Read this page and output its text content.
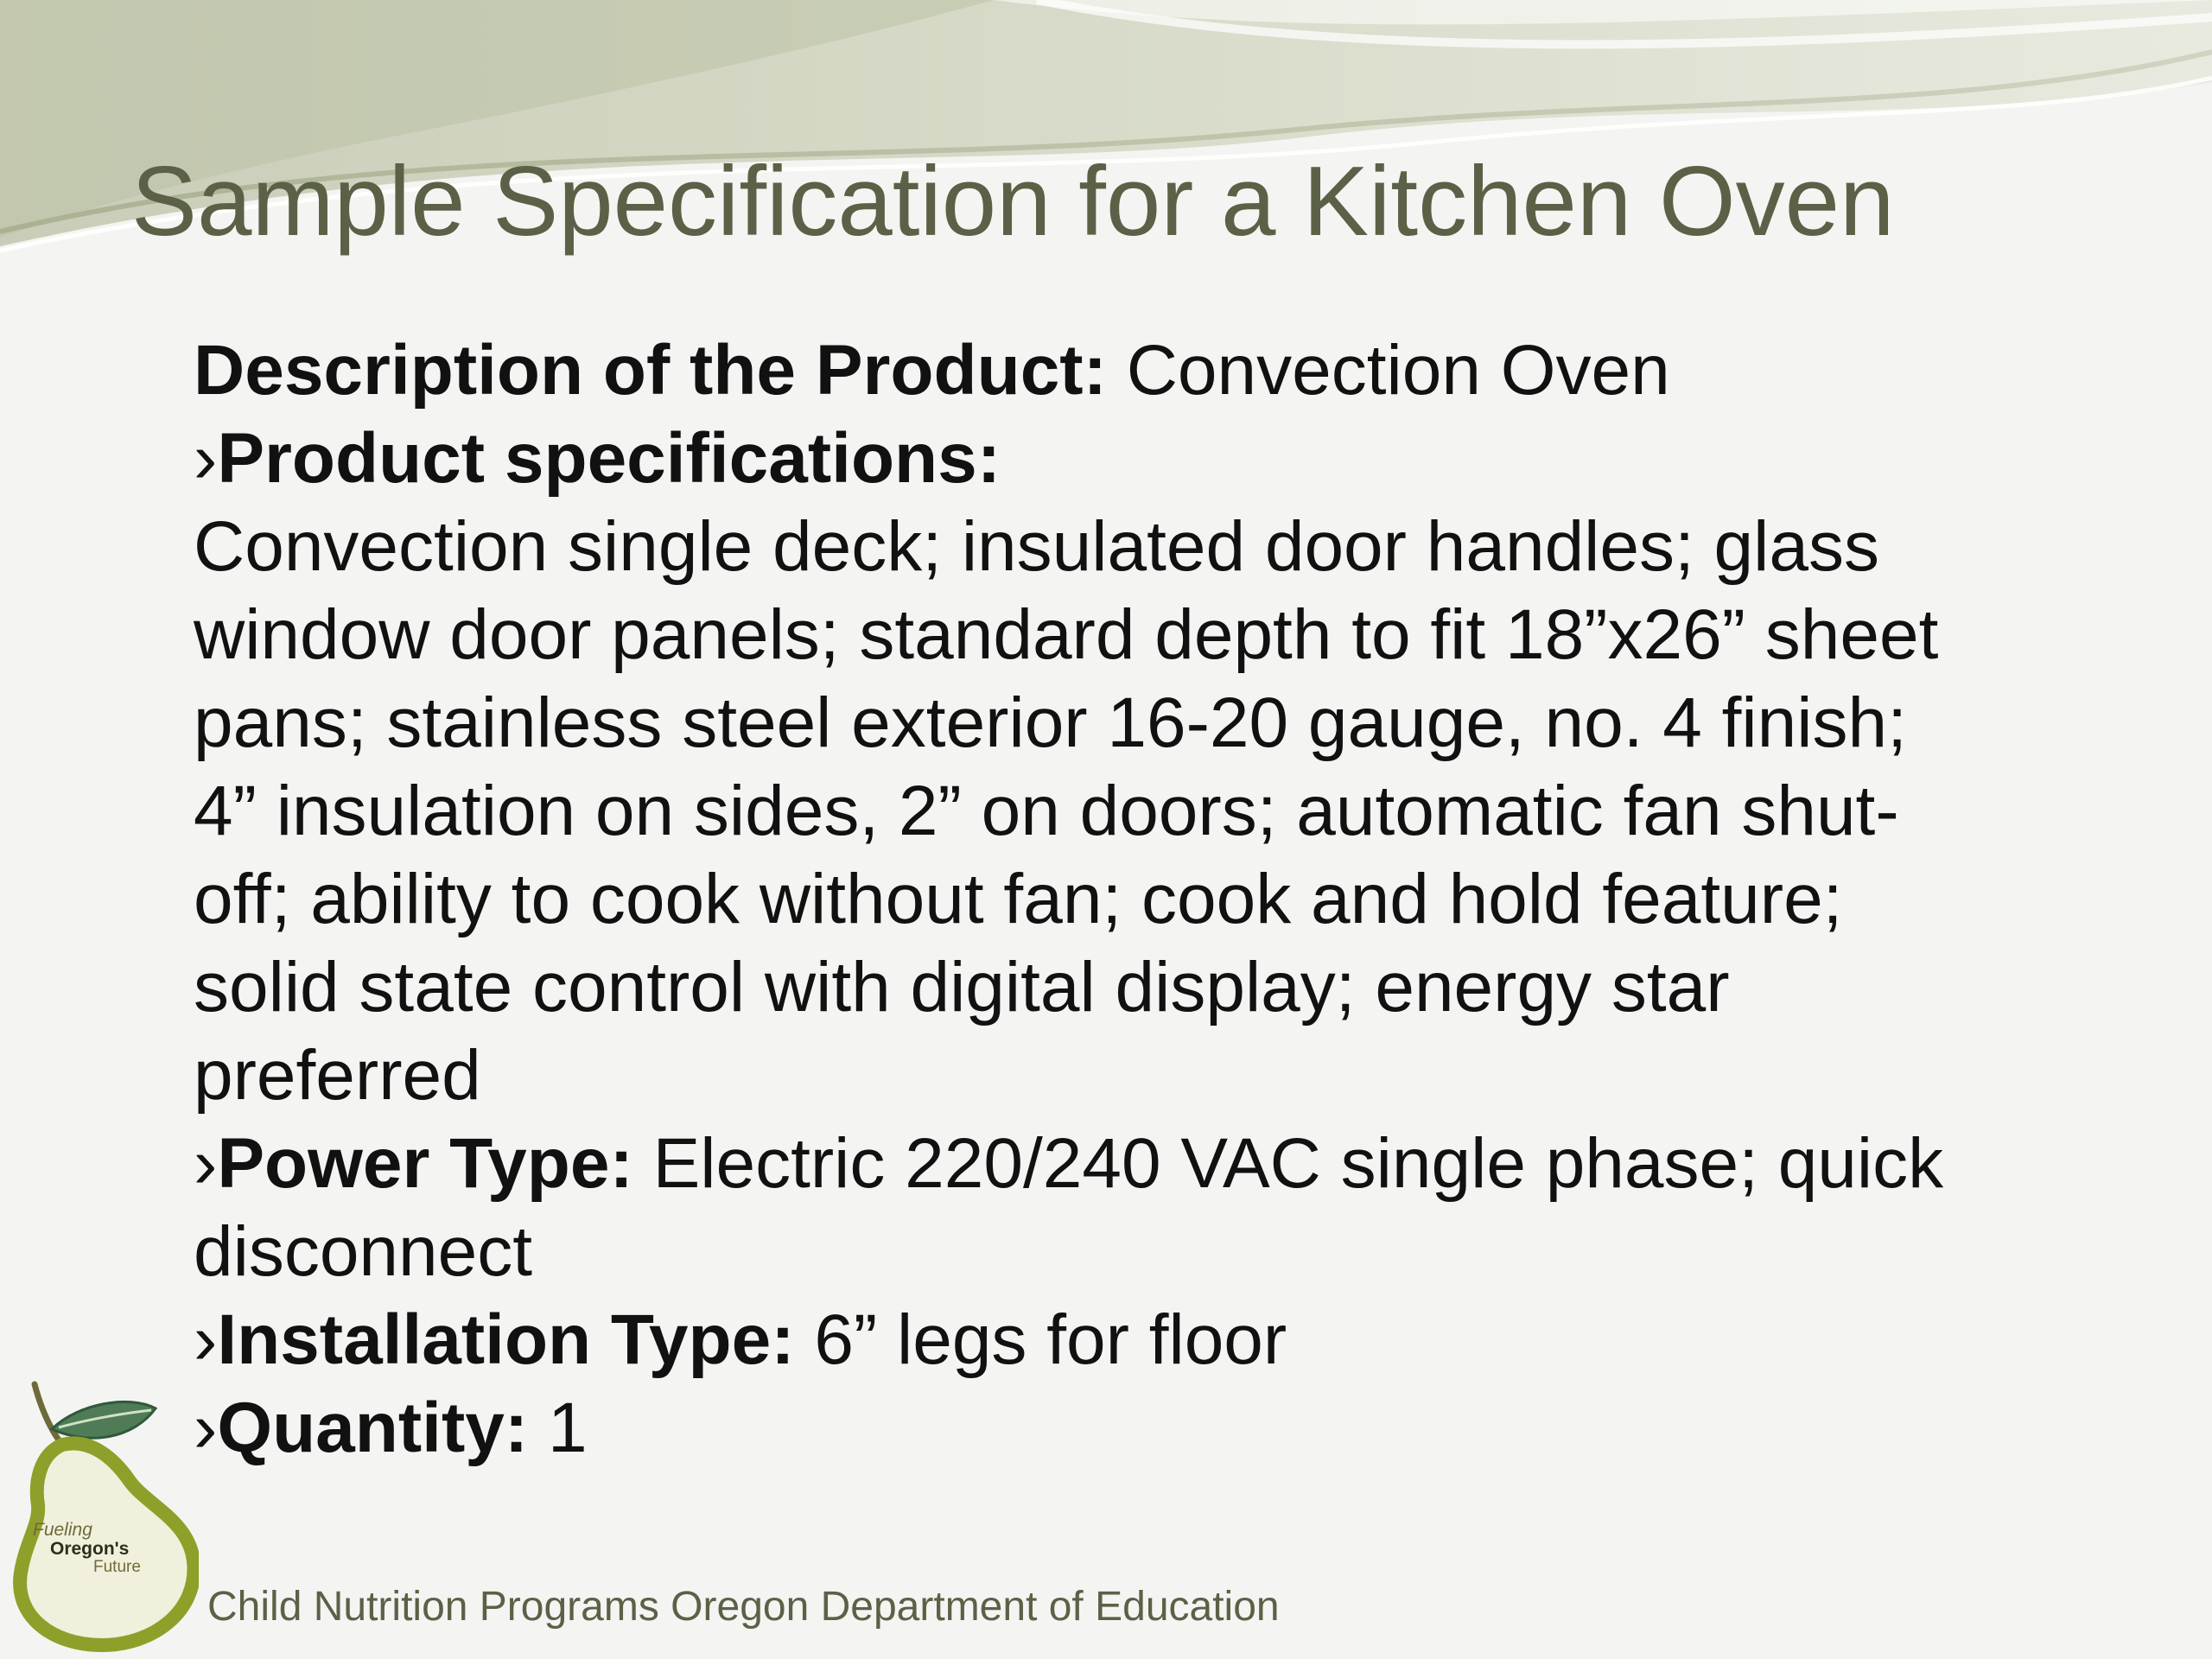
Sample Specification for a Kitchen Oven
Description of the Product: Convection Oven
›Product specifications:
Convection single deck; insulated door handles; glass
window door panels; standard depth to fit 18”x26” sheet
pans; stainless steel exterior 16-20 gauge, no. 4 finish;
4” insulation on sides, 2” on doors; automatic fan shut-
off; ability to cook without fan; cook and hold feature;
solid state control with digital display; energy star
preferred
›Power Type: Electric 220/240 VAC single phase; quick
disconnect
›Installation Type: 6” legs for floor
›Quantity: 1
Fueling
Oregon's
Future
Child Nutrition Programs Oregon Department of Education
